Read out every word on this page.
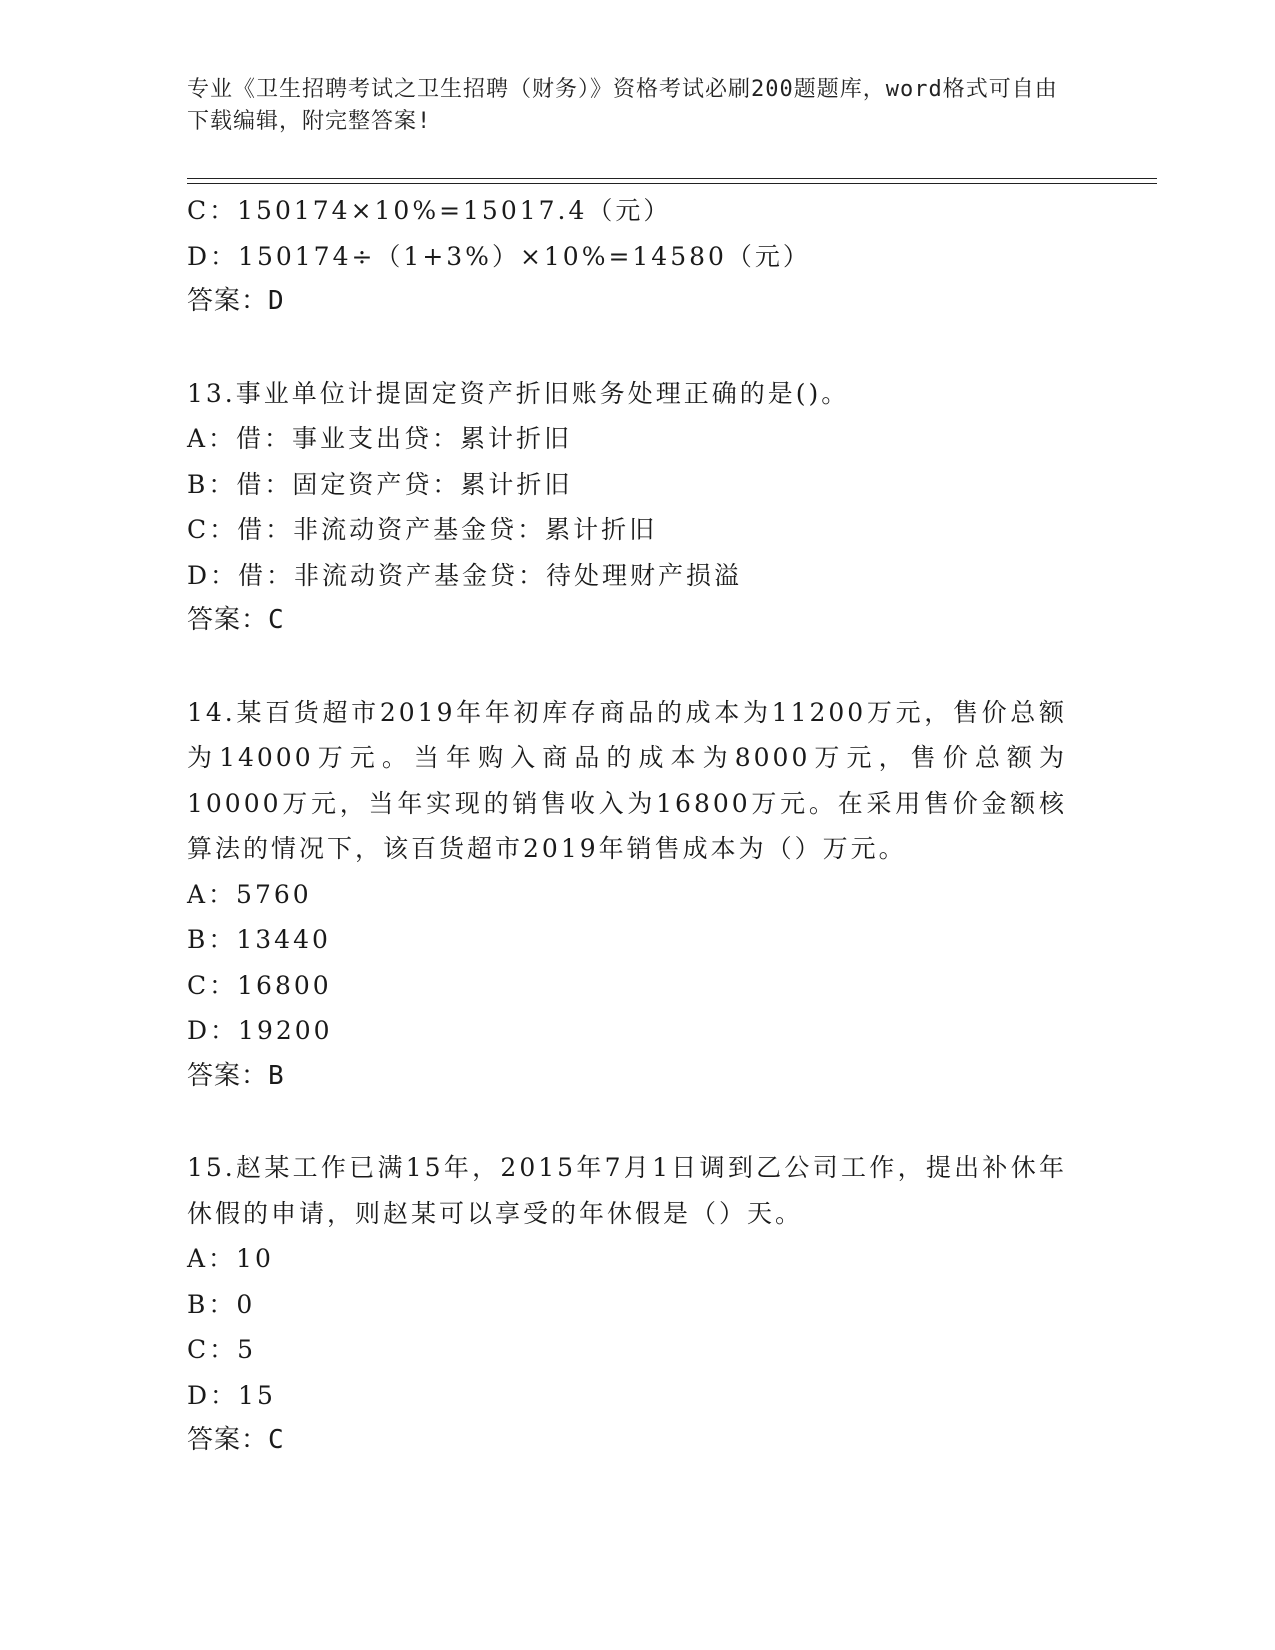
专业《卫生招聘考试之卫生招聘（财务）》资格考试必刷200题题库，word格式可自由下载编辑，附完整答案!
C：150174×10%=15017.4（元）
D：150174÷（1+3%）×10%=14580（元）
答案：D
13.事业单位计提固定资产折旧账务处理正确的是()。
A：借：事业支出贷：累计折旧
B：借：固定资产贷：累计折旧
C：借：非流动资产基金贷：累计折旧
D：借：非流动资产基金贷：待处理财产损溢
答案：C
14.某百货超市2019年年初库存商品的成本为11200万元，售价总额为14000万元。当年购入商品的成本为8000万元，售价总额为10000万元，当年实现的销售收入为16800万元。在采用售价金额核算法的情况下，该百货超市2019年销售成本为（）万元。
A：5760
B：13440
C：16800
D：19200
答案：B
15.赵某工作已满15年，2015年7月1日调到乙公司工作，提出补休年休假的申请，则赵某可以享受的年休假是（）天。
A：10
B：0
C：5
D：15
答案：C
